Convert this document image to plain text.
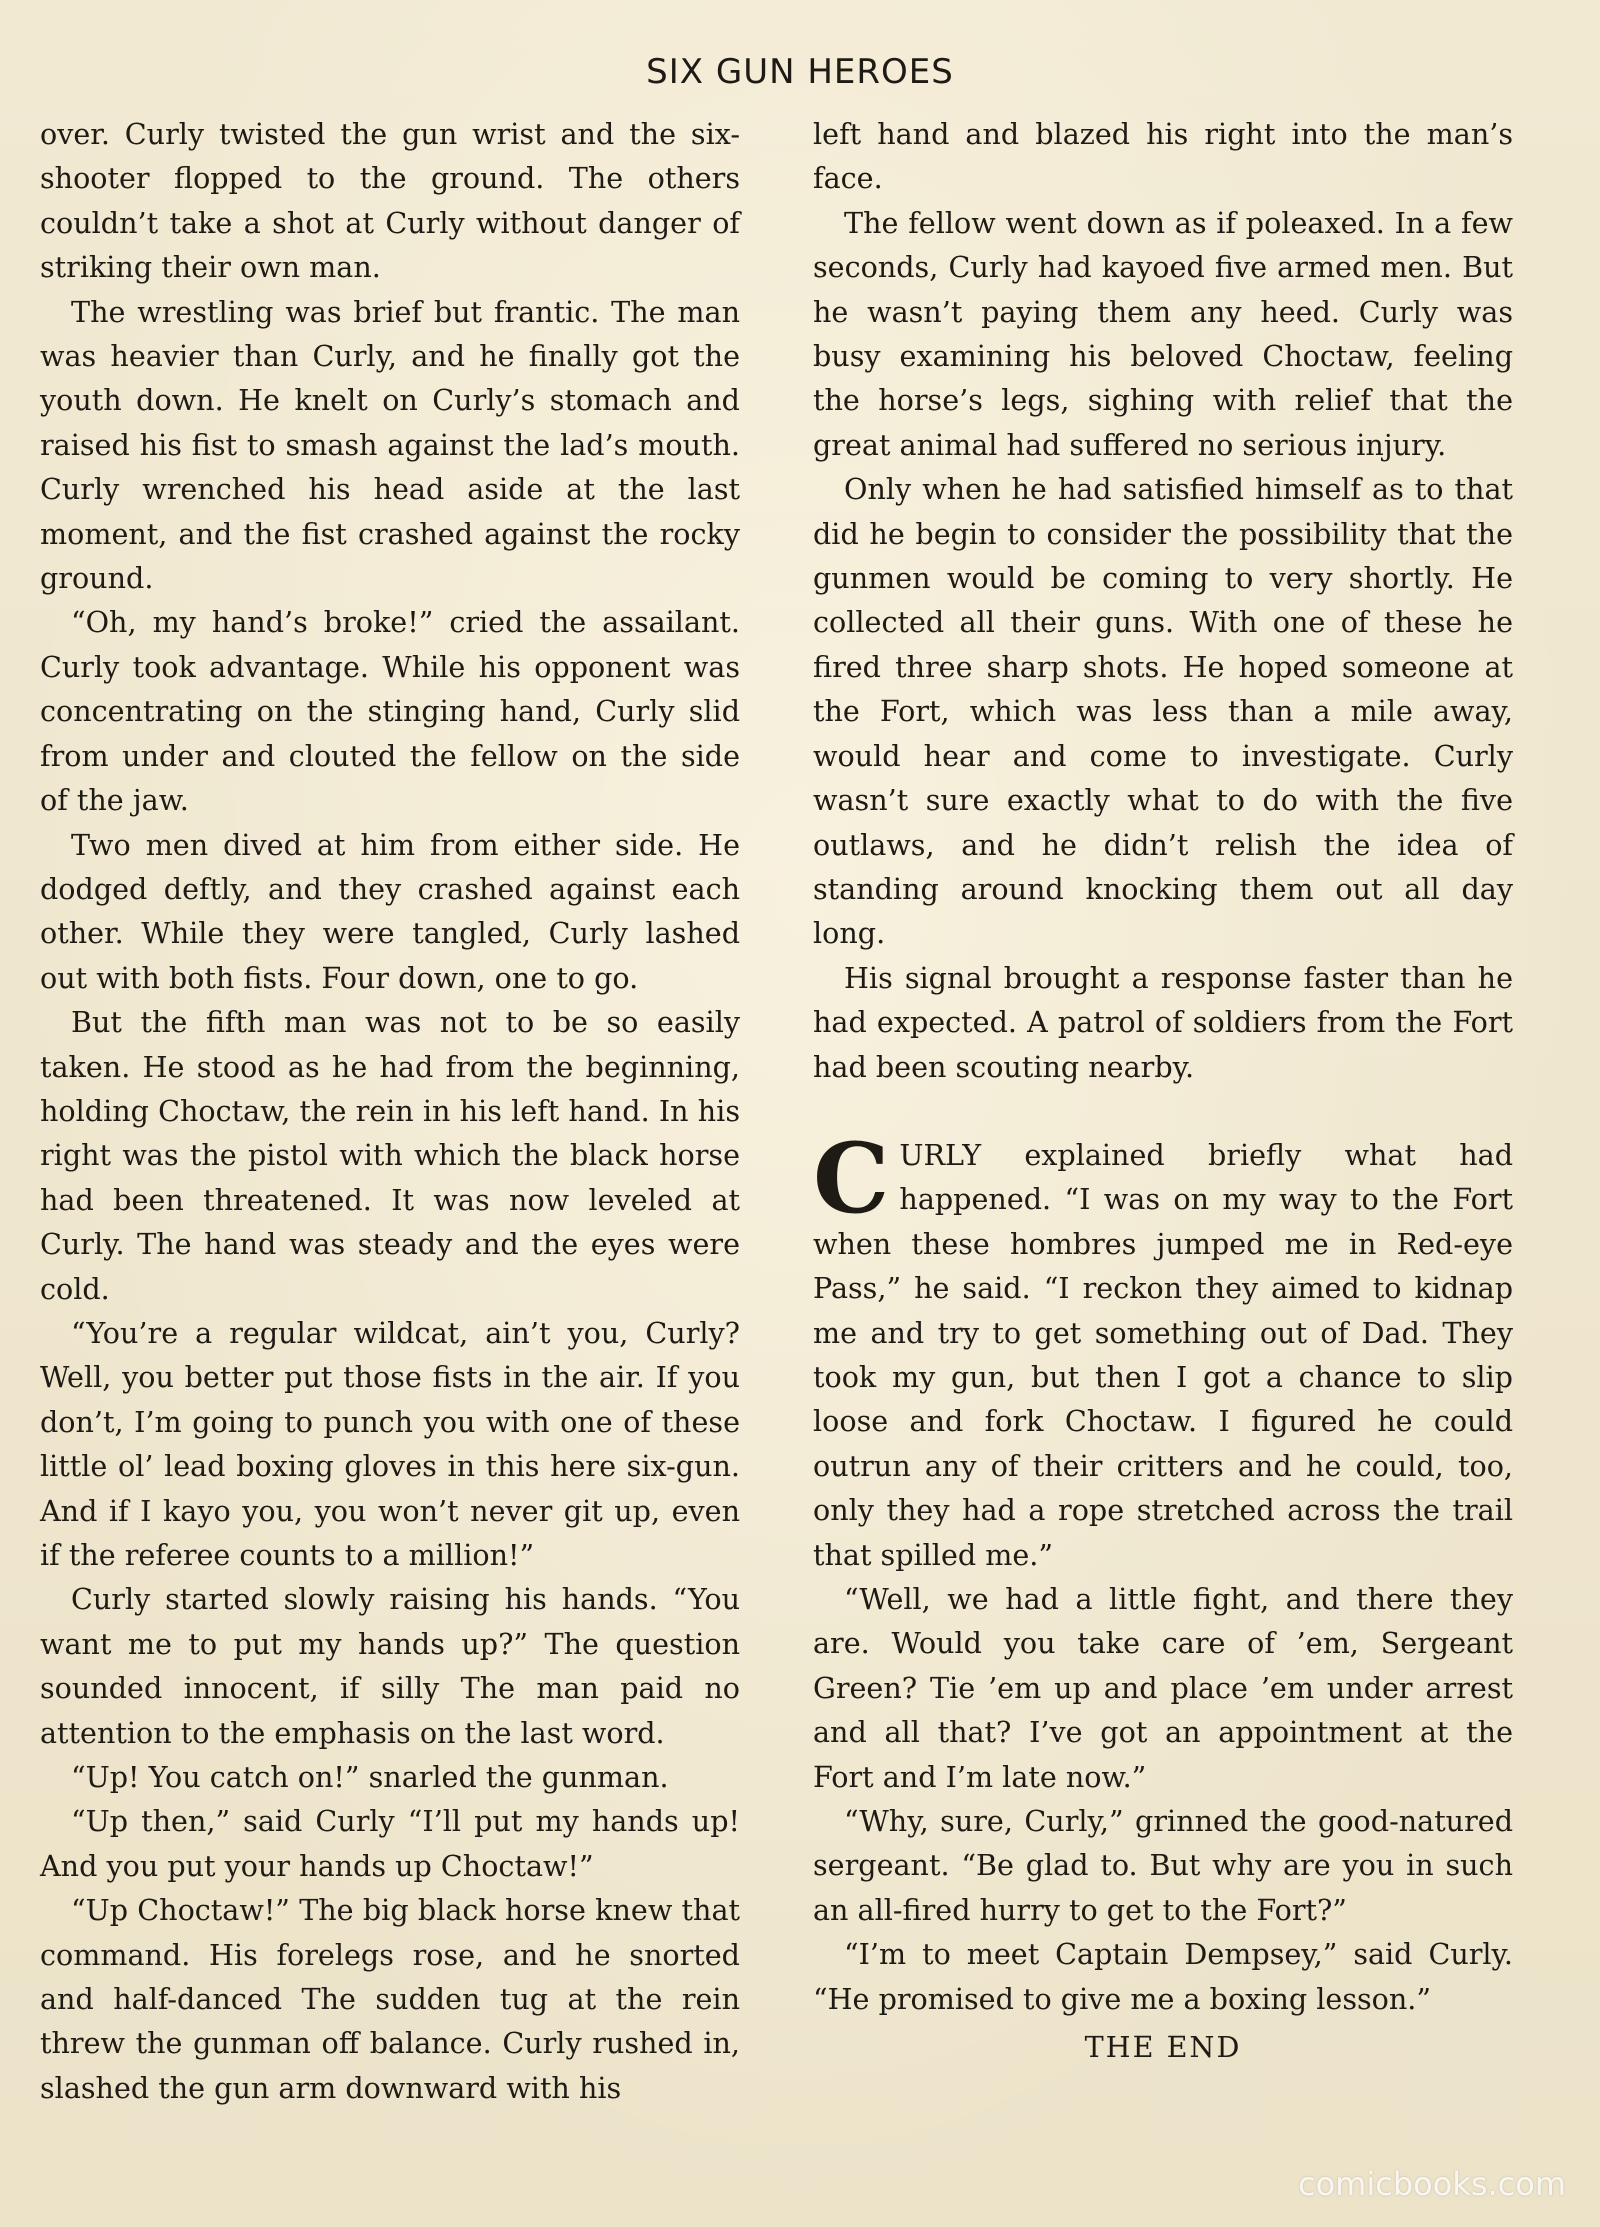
SIX GUN HEROES

over. Curly twisted the gun wrist and the six-shooter flopped to the ground. The others couldn’t take a shot at Curly without danger of striking their own man.

The wrestling was brief but frantic. The man was heavier than Curly, and he finally got the youth down. He knelt on Curly’s stomach and raised his fist to smash against the lad’s mouth. Curly wrenched his head aside at the last moment, and the fist crashed against the rocky ground.

“Oh, my hand’s broke!” cried the assailant. Curly took advantage. While his opponent was concentrating on the stinging hand, Curly slid from under and clouted the fellow on the side of the jaw.

Two men dived at him from either side. He dodged deftly, and they crashed against each other. While they were tangled, Curly lashed out with both fists. Four down, one to go.

But the fifth man was not to be so easily taken. He stood as he had from the beginning, holding Choctaw, the rein in his left hand. In his right was the pistol with which the black horse had been threatened. It was now leveled at Curly. The hand was steady and the eyes were cold.

“You’re a regular wildcat, ain’t you, Curly? Well, you better put those fists in the air. If you don’t, I’m going to punch you with one of these little ol’ lead boxing gloves in this here six-gun. And if I kayo you, you won’t never git up, even if the referee counts to a million!”

Curly started slowly raising his hands. “You want me to put my hands up?” The question sounded innocent, if silly The man paid no attention to the emphasis on the last word.

“Up! You catch on!” snarled the gunman.

“Up then,” said Curly “I’ll put my hands up! And you put your hands up Choctaw!”

“Up Choctaw!” The big black horse knew that command. His forelegs rose, and he snorted and half-danced The sudden tug at the rein threw the gunman off balance. Curly rushed in, slashed the gun arm downward with his

left hand and blazed his right into the man’s face.

The fellow went down as if poleaxed. In a few seconds, Curly had kayoed five armed men. But he wasn’t paying them any heed. Curly was busy examining his beloved Choctaw, feeling the horse’s legs, sighing with relief that the great animal had suffered no serious injury.

Only when he had satisfied himself as to that did he begin to consider the possibility that the gunmen would be coming to very shortly. He collected all their guns. With one of these he fired three sharp shots. He hoped someone at the Fort, which was less than a mile away, would hear and come to investigate. Curly wasn’t sure exactly what to do with the five outlaws, and he didn’t relish the idea of standing around knocking them out all day long.

His signal brought a response faster than he had expected. A patrol of soldiers from the Fort had been scouting nearby.

CURLY explained briefly what had happened. “I was on my way to the Fort when these hombres jumped me in Red-eye Pass,” he said. “I reckon they aimed to kidnap me and try to get something out of Dad. They took my gun, but then I got a chance to slip loose and fork Choctaw. I figured he could outrun any of their critters and he could, too, only they had a rope stretched across the trail that spilled me.”

“Well, we had a little fight, and there they are. Would you take care of ’em, Sergeant Green? Tie ’em up and place ’em under arrest and all that? I’ve got an appointment at the Fort and I’m late now.”

“Why, sure, Curly,” grinned the good-natured sergeant. “Be glad to. But why are you in such an all-fired hurry to get to the Fort?”

“I’m to meet Captain Dempsey,” said Curly. “He promised to give me a boxing lesson.”

THE END
comicbooks.com
